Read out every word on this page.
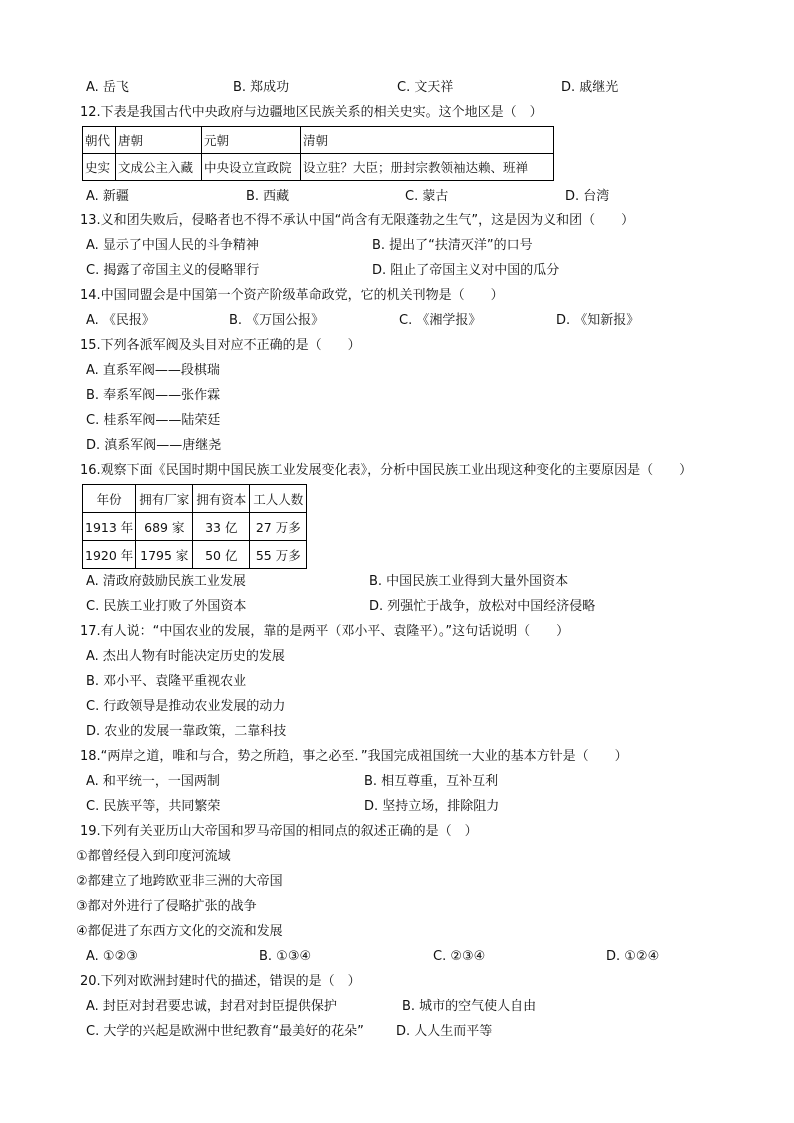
A. 岳飞	B. 郑成功	C. 文天祥	D. 戚继光
12.下表是我国古代中央政府与边疆地区民族关系的相关史实。这个地区是（　）
朝代	唐朝	元朝	清朝
史实	文成公主入藏	中央设立宣政院	设立驻？大臣；册封宗教领袖达赖、班禅
A. 新疆	B. 西藏	C. 蒙古	D. 台湾
13.义和团失败后，侵略者也不得不承认中国“尚含有无限蓬勃之生气”，这是因为义和团（　　）
A. 显示了中国人民的斗争精神	B. 提出了“扶清灭洋”的口号
C. 揭露了帝国主义的侵略罪行	D. 阻止了帝国主义对中国的瓜分
14.中国同盟会是中国第一个资产阶级革命政党，它的机关刊物是（　　）
A. 《民报》	B. 《万国公报》	C. 《湘学报》	D. 《知新报》
15.下列各派军阀及头目对应不正确的是（　　）
A. 直系军阀——段棋瑞
B. 奉系军阀——张作霖
C. 桂系军阀——陆荣廷
D. 滇系军阀——唐继尧
16.观察下面《民国时期中国民族工业发展变化表》，分析中国民族工业出现这种变化的主要原因是（　　）
年份	拥有厂家	拥有资本	工人人数
1913 年	689 家	33 亿	27 万多
1920 年	1795 家	50 亿	55 万多
A. 清政府鼓励民族工业发展	B. 中国民族工业得到大量外国资本
C. 民族工业打败了外国资本	D. 列强忙于战争，放松对中国经济侵略
17.有人说：“中国农业的发展，靠的是两平（邓小平、袁隆平）。”这句话说明（　　）
A. 杰出人物有时能决定历史的发展
B. 邓小平、袁隆平重视农业
C. 行政领导是推动农业发展的动力
D. 农业的发展一靠政策，二靠科技
18.“两岸之道，唯和与合，势之所趋，事之必至．”我国完成祖国统一大业的基本方针是（　　）
A. 和平统一，一国两制	B. 相互尊重，互补互利
C. 民族平等，共同繁荣	D. 坚持立场，排除阻力
19.下列有关亚历山大帝国和罗马帝国的相同点的叙述正确的是（　）
①都曾经侵入到印度河流域
②都建立了地跨欧亚非三洲的大帝国
③都对外进行了侵略扩张的战争
④都促进了东西方文化的交流和发展
A. ①②③	B. ①③④	C. ②③④	D. ①②④
20.下列对欧洲封建时代的描述，错误的是（　）
A. 封臣对封君要忠诚，封君对封臣提供保护	B. 城市的空气使人自由
C. 大学的兴起是欧洲中世纪教育“最美好的花朵” D. 人人生而平等
